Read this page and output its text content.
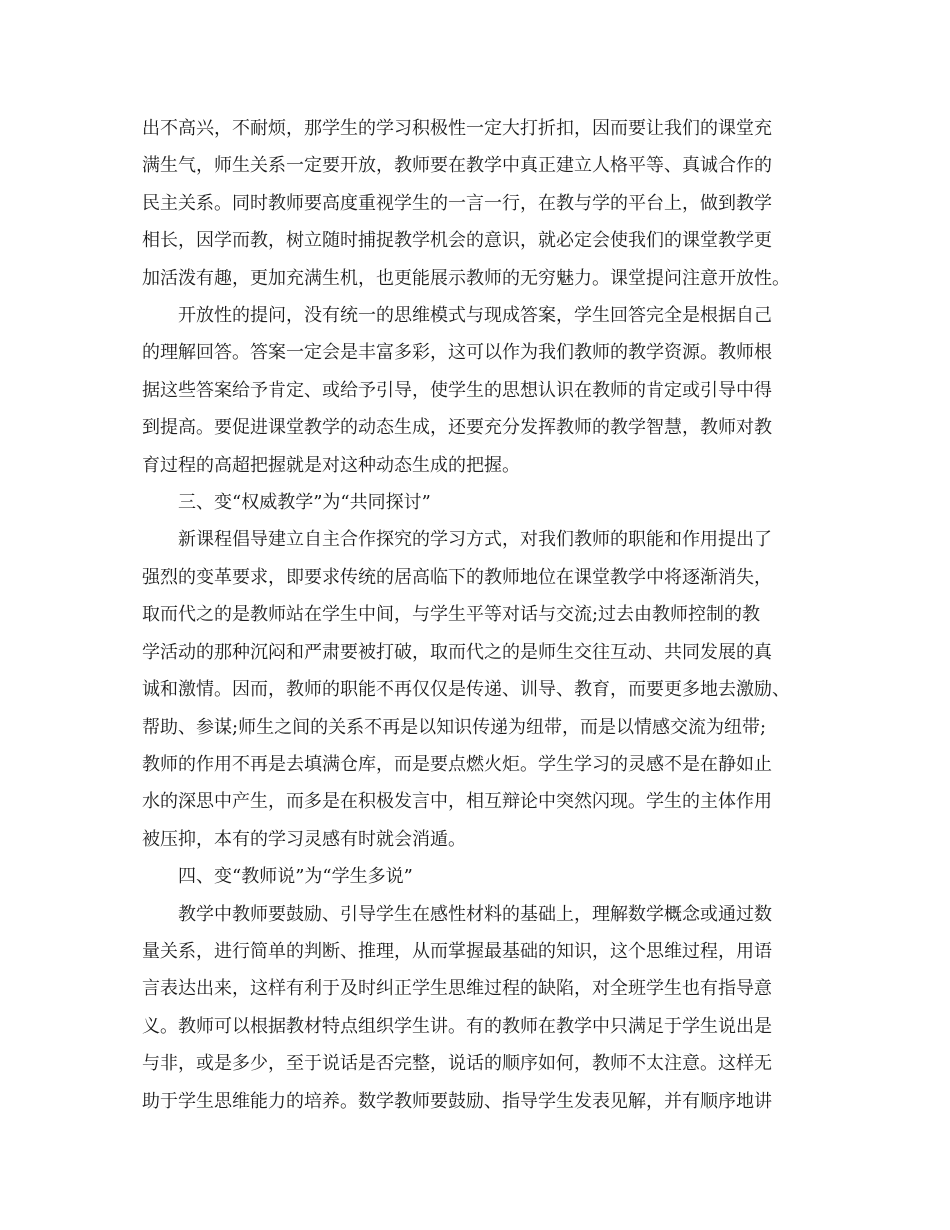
出不高兴，不耐烦，那学生的学习积极性一定大打折扣，因而要让我们的课堂充
满生气，师生关系一定要开放，教师要在教学中真正建立人格平等、真诚合作的
民主关系。同时教师要高度重视学生的一言一行，在教与学的平台上，做到教学
相长，因学而教，树立随时捕捉教学机会的意识，就必定会使我们的课堂教学更
加活泼有趣，更加充满生机，也更能展示教师的无穷魅力。课堂提问注意开放性。

开放性的提问，没有统一的思维模式与现成答案，学生回答完全是根据自己
的理解回答。答案一定会是丰富多彩，这可以作为我们教师的教学资源。教师根
据这些答案给予肯定、或给予引导，使学生的思想认识在教师的肯定或引导中得
到提高。要促进课堂教学的动态生成，还要充分发挥教师的教学智慧，教师对教
育过程的高超把握就是对这种动态生成的把握。

三、变“权威教学”为“共同探讨”

新课程倡导建立自主合作探究的学习方式，对我们教师的职能和作用提出了
强烈的变革要求，即要求传统的居高临下的教师地位在课堂教学中将逐渐消失，
取而代之的是教师站在学生中间，与学生平等对话与交流;过去由教师控制的教
学活动的那种沉闷和严肃要被打破，取而代之的是师生交往互动、共同发展的真
诚和激情。因而，教师的职能不再仅仅是传递、训导、教育，而要更多地去激励、
帮助、参谋;师生之间的关系不再是以知识传递为纽带，而是以情感交流为纽带;
教师的作用不再是去填满仓库，而是要点燃火炬。学生学习的灵感不是在静如止
水的深思中产生，而多是在积极发言中，相互辩论中突然闪现。学生的主体作用
被压抑，本有的学习灵感有时就会消遁。

四、变“教师说”为“学生多说”

教学中教师要鼓励、引导学生在感性材料的基础上，理解数学概念或通过数
量关系，进行简单的判断、推理，从而掌握最基础的知识，这个思维过程，用语
言表达出来，这样有利于及时纠正学生思维过程的缺陷，对全班学生也有指导意
义。教师可以根据教材特点组织学生讲。有的教师在教学中只满足于学生说出是
与非，或是多少，至于说话是否完整，说话的顺序如何，教师不太注意。这样无
助于学生思维能力的培养。数学教师要鼓励、指导学生发表见解，并有顺序地讲
